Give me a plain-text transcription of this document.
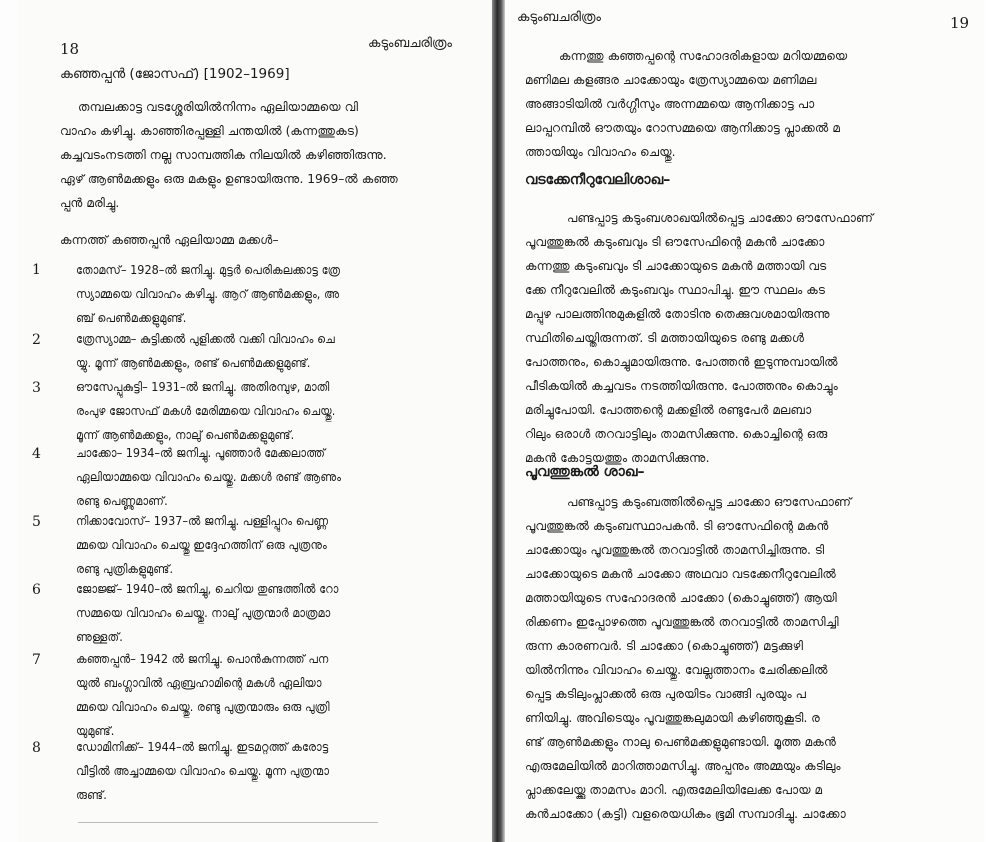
18	കടുംബചരിത്രം
കഞ്ഞപ്പൻ (ജോസഫ്) [1902–1969]
തമ്പലക്കാട്ട വടശ്ശേരിയിൽനിന്നം ഏലിയാമ്മയെ വി
വാഹം കഴിച്ചു. കാഞ്ഞിരപ്പള്ളി ചന്തയിൽ (കന്നത്തുകട)
കച്ചവടംനടത്തി നല്ല സാമ്പത്തിക നിലയിൽ കഴിഞ്ഞിരുന്നു.
ഏഴ് ആൺമക്കളും ഒരു മകളും ഉണ്ടായിരുന്നു. 1969–ൽ കഞ്ഞ
പ്പൻ മരിച്ചു.
കന്നത്ത് കഞ്ഞപ്പൻ ഏലിയാമ്മ മക്കൾ–
1	തോമസ്– 1928–ൽ ജനിച്ചു. മുട്ടർ പെരികലക്കാട്ട ത്രേ
സ്യാമ്മയെ വിവാഹം കഴിച്ചു. ആറ് ആൺമക്കളും, അ
ഞ്ച് പെൺമക്കളുമുണ്ട്.
2	ത്രേസ്യാമ്മ– കുട്ടിക്കൽ പുളിക്കൽ വക്കി വിവാഹം ചെ
യ്യു. മൂന്ന് ആൺമക്കളും, രണ്ട് പെൺമക്കളുമുണ്ട്.
3	ഔസേപ്പുകുട്ടി– 1931–ൽ ജനിച്ചു. അതിരമ്പുഴ, മാതി
രംപുഴ ജോസഫ് മകൾ മേരിമ്മയെ വിവാഹം ചെയ്തു.
മൂന്ന് ആൺമക്കളും, നാലു് പെൺമക്കളുമുണ്ട്.
4	ചാക്കോ– 1934–ൽ ജനിച്ചു. പൂഞ്ഞാർ മേക്കലാത്ത്
ഏലിയാമ്മയെ വിവാഹം ചെയ്തു. മക്കൾ രണ്ട് ആണും
രണ്ടു പെണ്ണുമാണ്.
5	നിക്കാവോസ്– 1937–ൽ ജനിച്ചു. പള്ളിപ്പുറം പെണ്ണ
മ്മയെ വിവാഹം ചെയ്തു ഇദ്ദേഹത്തിന് ഒരു പുത്രനും
രണ്ടു പുത്രികളുമുണ്ട്.
6	ജോജ്ജ്– 1940–ൽ ജനിച്ചു, ചെറിയ തുണ്ടത്തിൽ റോ
സമ്മയെ വിവാഹം ചെയ്തു. നാലു് പുത്രന്മാർ മാത്രമാ
ണുള്ളത്.
7	കഞ്ഞപ്പൻ– 1942 ൽ ജനിച്ചു. പൊൻകുന്നത്ത് പന
യുൽ ബംഗ്ലാവിൽ ഏബ്രഹാമിന്റെ മകൾ ഏലിയാ
മ്മയെ വിവാഹം ചെയ്തു. രണ്ടു പുത്രന്മാരും ഒരു പുത്രി
യുമുണ്ട്.
8	ഡോമിനിക്ക്– 1944–ൽ ജനിച്ചു. ഇടമറ്റത്ത് കരോട്ട
വീട്ടിൽ അച്ചാമ്മയെ വിവാഹം ചെയ്തു. മൂന്ന പുത്രന്മാ
രുണ്ട്.
കടുംബചരിത്രം	19
കന്നത്തു കഞ്ഞപ്പന്റെ സഹോദരികളായ മറിയമ്മയെ
മണിമല കളങ്ങര ചാക്കോയും ത്രേസ്യാമ്മയെ മണിമല
അങ്ങാടിയിൽ വർഗ്ഗീസും അന്നമ്മയെ ആനിക്കാട്ട പാ
ലാപ്പറമ്പിൽ ഔതയും റോസമ്മയെ ആനിക്കാട്ട പ്ലാക്കൽ മ
ത്തായിയും വിവാഹം ചെയ്തു.
വടക്കേനീറുവേലിശാഖ–
പണ്ടപ്പാട്ട കടുംബശാഖയിൽപ്പെട്ട ചാക്കോ ഔസേഫാണ്
പൂവത്തുങ്കൽ കടുംബവും ടി ഔസേഫിന്റെ മകൻ ചാക്കോ
കന്നത്തു കടുംബവും ടി ചാക്കോയുടെ മകൻ മത്തായി വട
ക്കേ നീറുവേലിൽ കടുംബവും സ്ഥാപിച്ചു. ഈ സ്ഥലം കട
മപ്പുഴ പാലത്തിനുമുകളിൽ തോടിനു തെക്കുവശമായിരുന്നു
സ്ഥിതിചെയ്തിരുന്നത്. ടി മത്തായിയുടെ രണ്ടു മക്കൾ
പോത്തനും, കൊച്ചുമായിരുന്നു. പോത്തൻ ഇടുന്നുമ്പായിൽ
പീടികയിൽ കച്ചവടം നടത്തിയിരുന്നു. പോത്തനും കൊച്ചും
മരിച്ചുപോയി. പോത്തന്റെ മക്കളിൽ രണ്ടുപേർ മലബാ
റിലും ഒരാൾ തറവാട്ടിലും താമസിക്കുന്നു. കൊച്ചിന്റെ ഒരു
മകൻ കോട്ടയത്തും താമസിക്കുന്നു.
പൂവത്തുങ്കൽ ശാഖ–
പണ്ടപ്പാട്ട കടുംബത്തിൽപ്പെട്ട ചാക്കോ ഔസേഫാണ്
പൂവത്തുങ്കൽ കടുംബസ്ഥാപകൻ. ടി ഔസേഫിന്റെ മകൻ
ചാക്കോയും പൂവത്തുങ്കൽ തറവാട്ടിൽ താമസിച്ചിരുന്നു. ടി
ചാക്കോയുടെ മകൻ ചാക്കോ അഥവാ വടക്കേനീറുവേലിൽ
മത്തായിയുടെ സഹോദരൻ ചാക്കോ (കൊച്ചുഞ്ഞ്) ആയി
രിക്കണം ഇപ്പോഴത്തെ പൂവത്തുങ്കൽ തറവാട്ടിൽ താമസിച്ചി
രുന്ന കാരണവർ. ടി ചാക്കോ (കൊച്ചുഞ്ഞ്) മട്ടക്കുഴി
യിൽനിന്നും വിവാഹം ചെയ്തു. വേല്ലത്താനം ചേരിക്കലിൽ
പ്പെട്ട കടിലുംപ്ലാക്കൽ ഒരു പുരയിടം വാങ്ങി പുരയും പ
ണിയിച്ചു. അവിടെയും പൂവത്തുങ്കലുമായി കഴിഞ്ഞുകൂടി. ര
ണ്ട് ആൺമക്കളും നാലു പെൺമക്കളുമുണ്ടായി. മൂത്ത മകൻ
എരുമേലിയിൽ മാറിത്താമസിച്ചു. അപ്പനും അമ്മയും കടിലും
പ്ലാക്കലേയ്ക്കു താമസം മാറി. എരുമേലിയിലേക്ക പോയ മ
കൻചാക്കോ (കട്ടി) വളരെയധികം ഭൂമി സമ്പാദിച്ചു. ചാക്കോ
